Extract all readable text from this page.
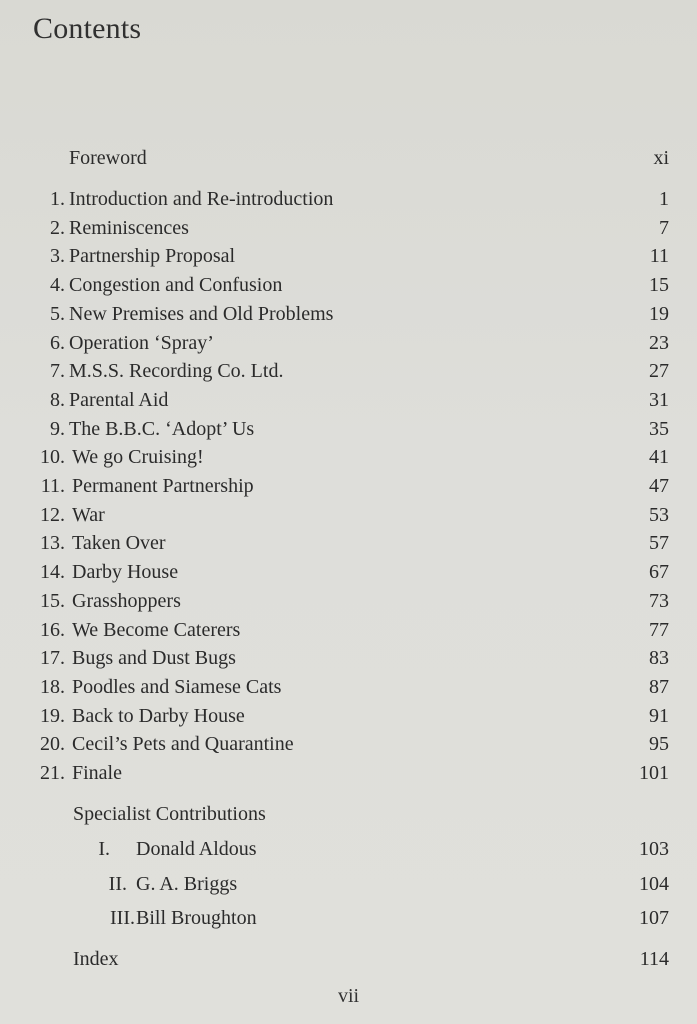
Contents
Foreword	xi
1. Introduction and Re-introduction	1
2. Reminiscences	7
3. Partnership Proposal	11
4. Congestion and Confusion	15
5. New Premises and Old Problems	19
6. Operation ‘Spray’	23
7. M.S.S. Recording Co. Ltd.	27
8. Parental Aid	31
9. The B.B.C. ‘Adopt’ Us	35
10. We go Cruising!	41
11. Permanent Partnership	47
12. War	53
13. Taken Over	57
14. Darby House	67
15. Grasshoppers	73
16. We Become Caterers	77
17. Bugs and Dust Bugs	83
18. Poodles and Siamese Cats	87
19. Back to Darby House	91
20. Cecil’s Pets and Quarantine	95
21. Finale	101
Specialist Contributions
I. Donald Aldous	103
II. G. A. Briggs	104
III. Bill Broughton	107
Index	114
vii
